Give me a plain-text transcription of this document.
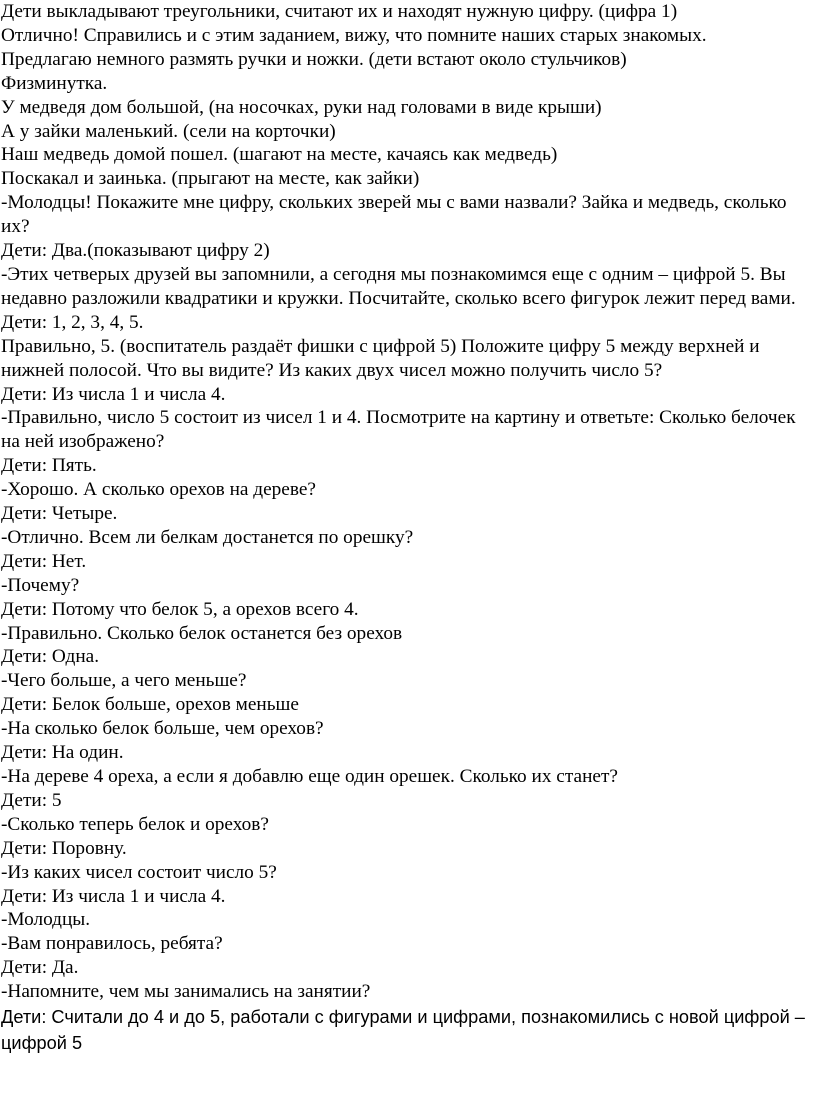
Дети выкладывают треугольники, считают их и находят нужную цифру. (цифра 1)

Отлично! Справились и с этим заданием, вижу, что помните наших старых знакомых.

Предлагаю немного размять ручки и ножки. (дети встают около стульчиков)

Физминутка.

У медведя дом большой, (на носочках, руки над головами в виде крыши)

А у зайки маленький. (сели на корточки)

Наш медведь домой пошел. (шагают на месте, качаясь как медведь)

Поскакал и заинька. (прыгают на месте, как зайки)

-Молодцы! Покажите мне цифру, скольких зверей мы с вами назвали? Зайка и медведь, сколько их?

Дети: Два.(показывают цифру 2)

-Этих четверых друзей вы запомнили, а сегодня мы познакомимся еще с одним – цифрой 5. Вы недавно разложили квадратики и кружки. Посчитайте, сколько всего фигурок лежит перед вами.

Дети: 1, 2, 3, 4, 5.

Правильно, 5. (воспитатель раздаёт фишки с цифрой 5) Положите цифру 5 между верхней и нижней полосой. Что вы видите? Из каких двух чисел можно получить число 5?

Дети: Из числа 1 и числа 4.

-Правильно, число 5 состоит из чисел 1 и 4. Посмотрите на картину и ответьте: Сколько белочек на ней изображено?

Дети: Пять.

-Хорошо. А сколько орехов на дереве?

Дети: Четыре.

-Отлично. Всем ли белкам достанется по орешку?

Дети: Нет.

-Почему?

Дети: Потому что белок 5, а орехов всего 4.

-Правильно. Сколько белок останется без орехов

Дети: Одна.

-Чего больше, а чего меньше?

Дети: Белок больше, орехов меньше

-На сколько белок больше, чем орехов?

Дети: На один.

-На дереве 4 ореха, а если я добавлю еще один орешек. Сколько их станет?

Дети: 5

-Сколько теперь белок и орехов?

Дети: Поровну.

-Из каких чисел состоит число 5?

Дети: Из числа 1 и числа 4.

-Молодцы.

-Вам понравилось, ребята?

Дети: Да.

-Напомните, чем мы занимались на занятии?

Дети: Считали до 4 и до 5, работали с фигурами и цифрами, познакомились с новой цифрой – цифрой 5
